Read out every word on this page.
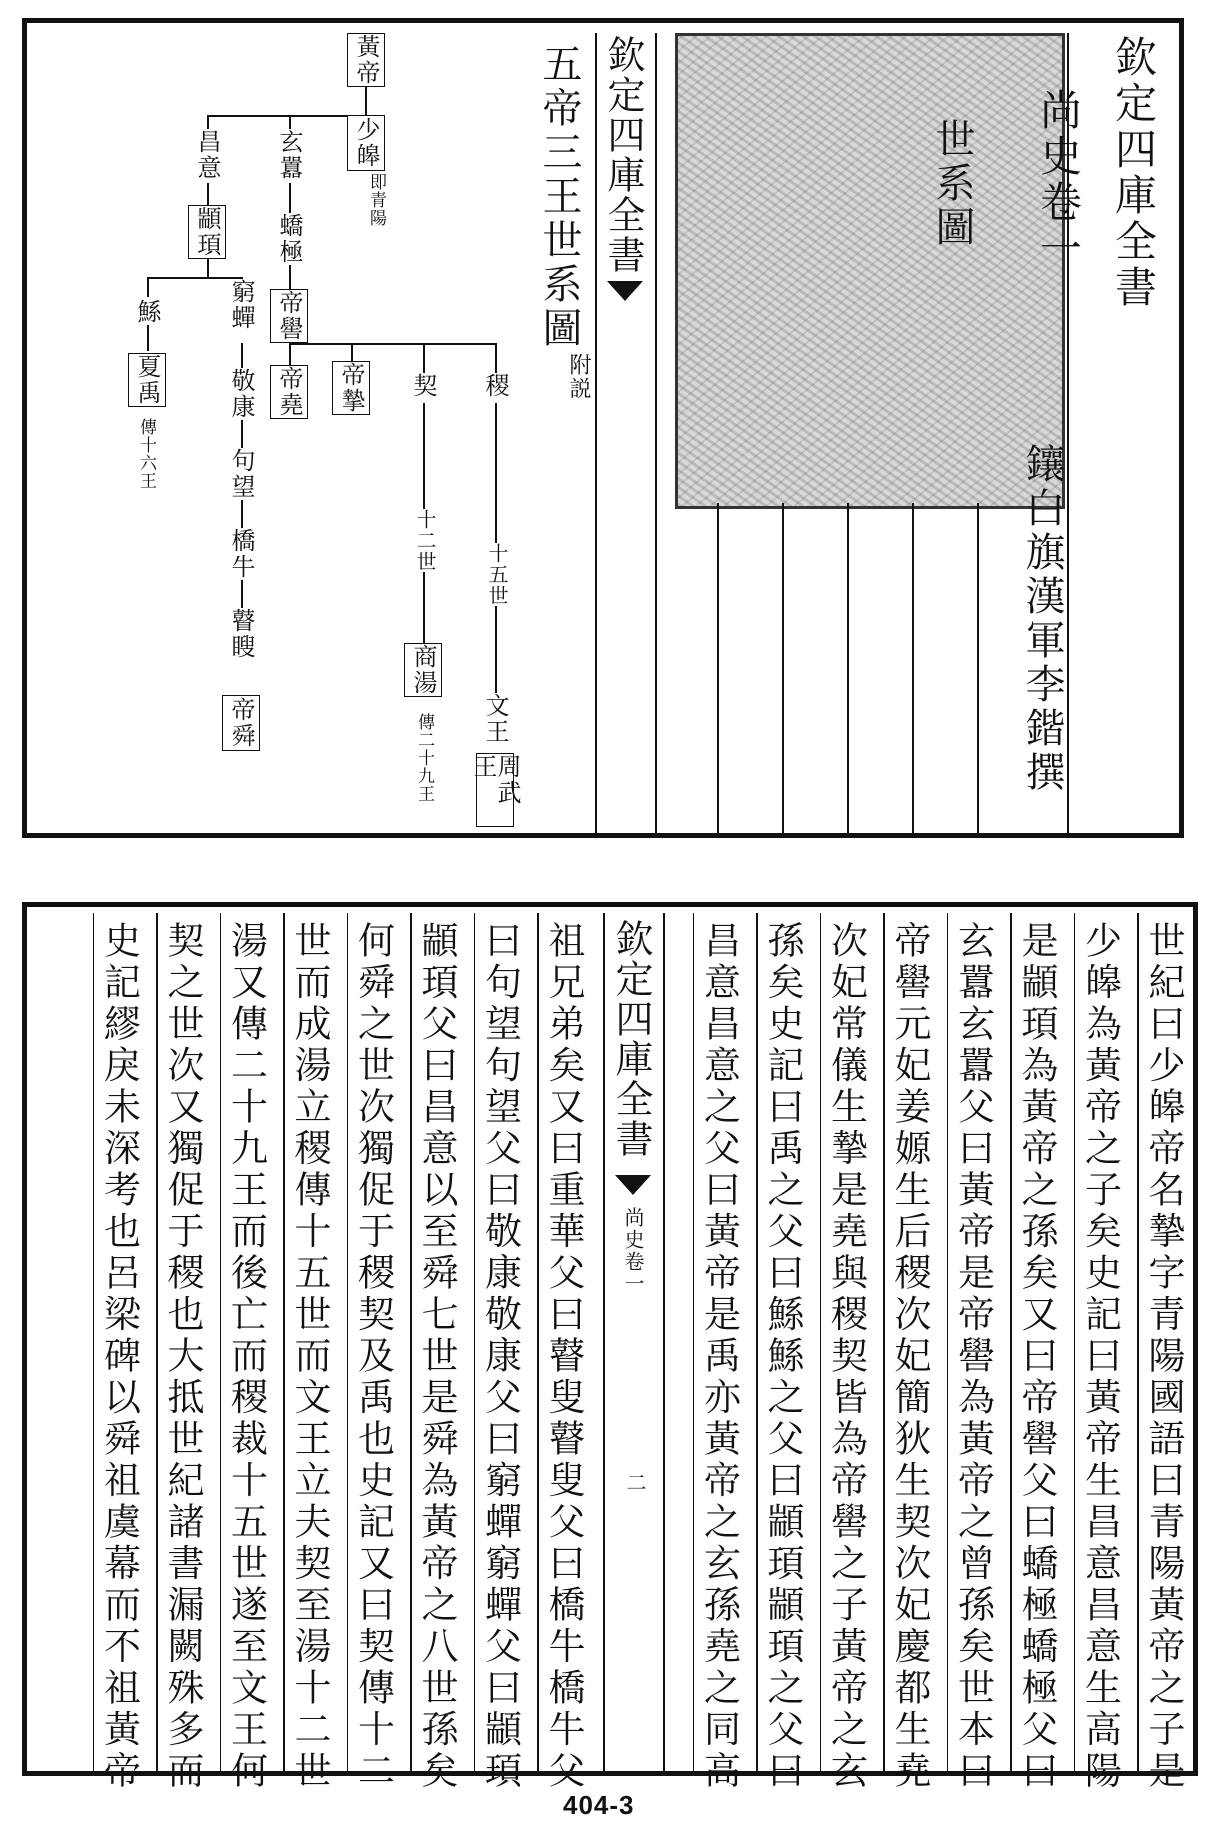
欽定四庫全書
尚史卷一
世系圖
鑲白旗漢軍李鍇撰
欽定四庫全書
五帝三王世系圖
附説
黃帝
少皞
即青陽
昌意
顓頊
玄囂
蟜極
帝嚳
鯀
夏禹
傳十六王
窮蟬
敬康
句望
橋牛
瞽瞍
帝舜
帝堯 帝摯 契
十二世
商湯
傳二十九王
稷
十五世
文王
周武王
世紀曰少皞帝名摯字青陽國語曰青陽黃帝之子是
少皞為黃帝之子矣史記曰黃帝生昌意昌意生高陽
是顓頊為黃帝之孫矣又曰帝嚳父曰蟜極蟜極父曰
玄囂玄囂父曰黃帝是帝嚳為黃帝之曾孫矣世本曰
帝嚳元妃姜嫄生后稷次妃簡狄生契次妃慶都生堯
次妃常儀生摯是堯與稷契皆為帝嚳之子黃帝之玄
孫矣史記曰禹之父曰鯀鯀之父曰顓頊顓頊之父曰
昌意昌意之父曰黃帝是禹亦黃帝之玄孫堯之同高
祖兄弟矣又曰重華父曰瞽叟瞽叟父曰橋牛橋牛父
曰句望句望父曰敬康敬康父曰窮蟬窮蟬父曰顓頊
顓頊父曰昌意以至舜七世是舜為黃帝之八世孫矣
何舜之世次獨促于稷契及禹也史記又曰契傳十二
世而成湯立稷傳十五世而文王立夫契至湯十二世
湯又傳二十九王而後亡而稷裁十五世遂至文王何
契之世次又獨促于稷也大抵世紀諸書漏闕殊多而
史記繆戾未深考也呂梁碑以舜祖虞幕而不祖黃帝	欽定四庫全書
尚史卷一
二
404-3
